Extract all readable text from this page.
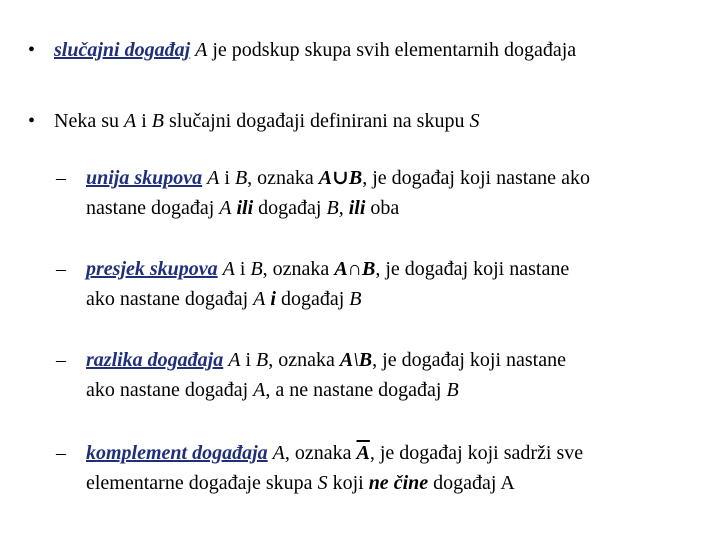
• slučajni događaj A je podskup skupa svih elementarnih događaja
• Neka su A i B slučajni događaji definirani na skupu S
– unija skupova A i B, oznaka A∪B, je događaj koji nastane ako
nastane događaj A ili događaj B, ili oba
– presjek skupova A i B, oznaka A∩B, je događaj koji nastane
ako nastane događaj A i događaj B
– razlika događaja A i B, oznaka A\B, je događaj koji nastane
ako nastane događaj A, a ne nastane događaj B
– komplement događaja A, oznaka $\overline{A}$, je događaj koji sadrži sve
elementarne događaje skupa S koji ne čine događaj A
